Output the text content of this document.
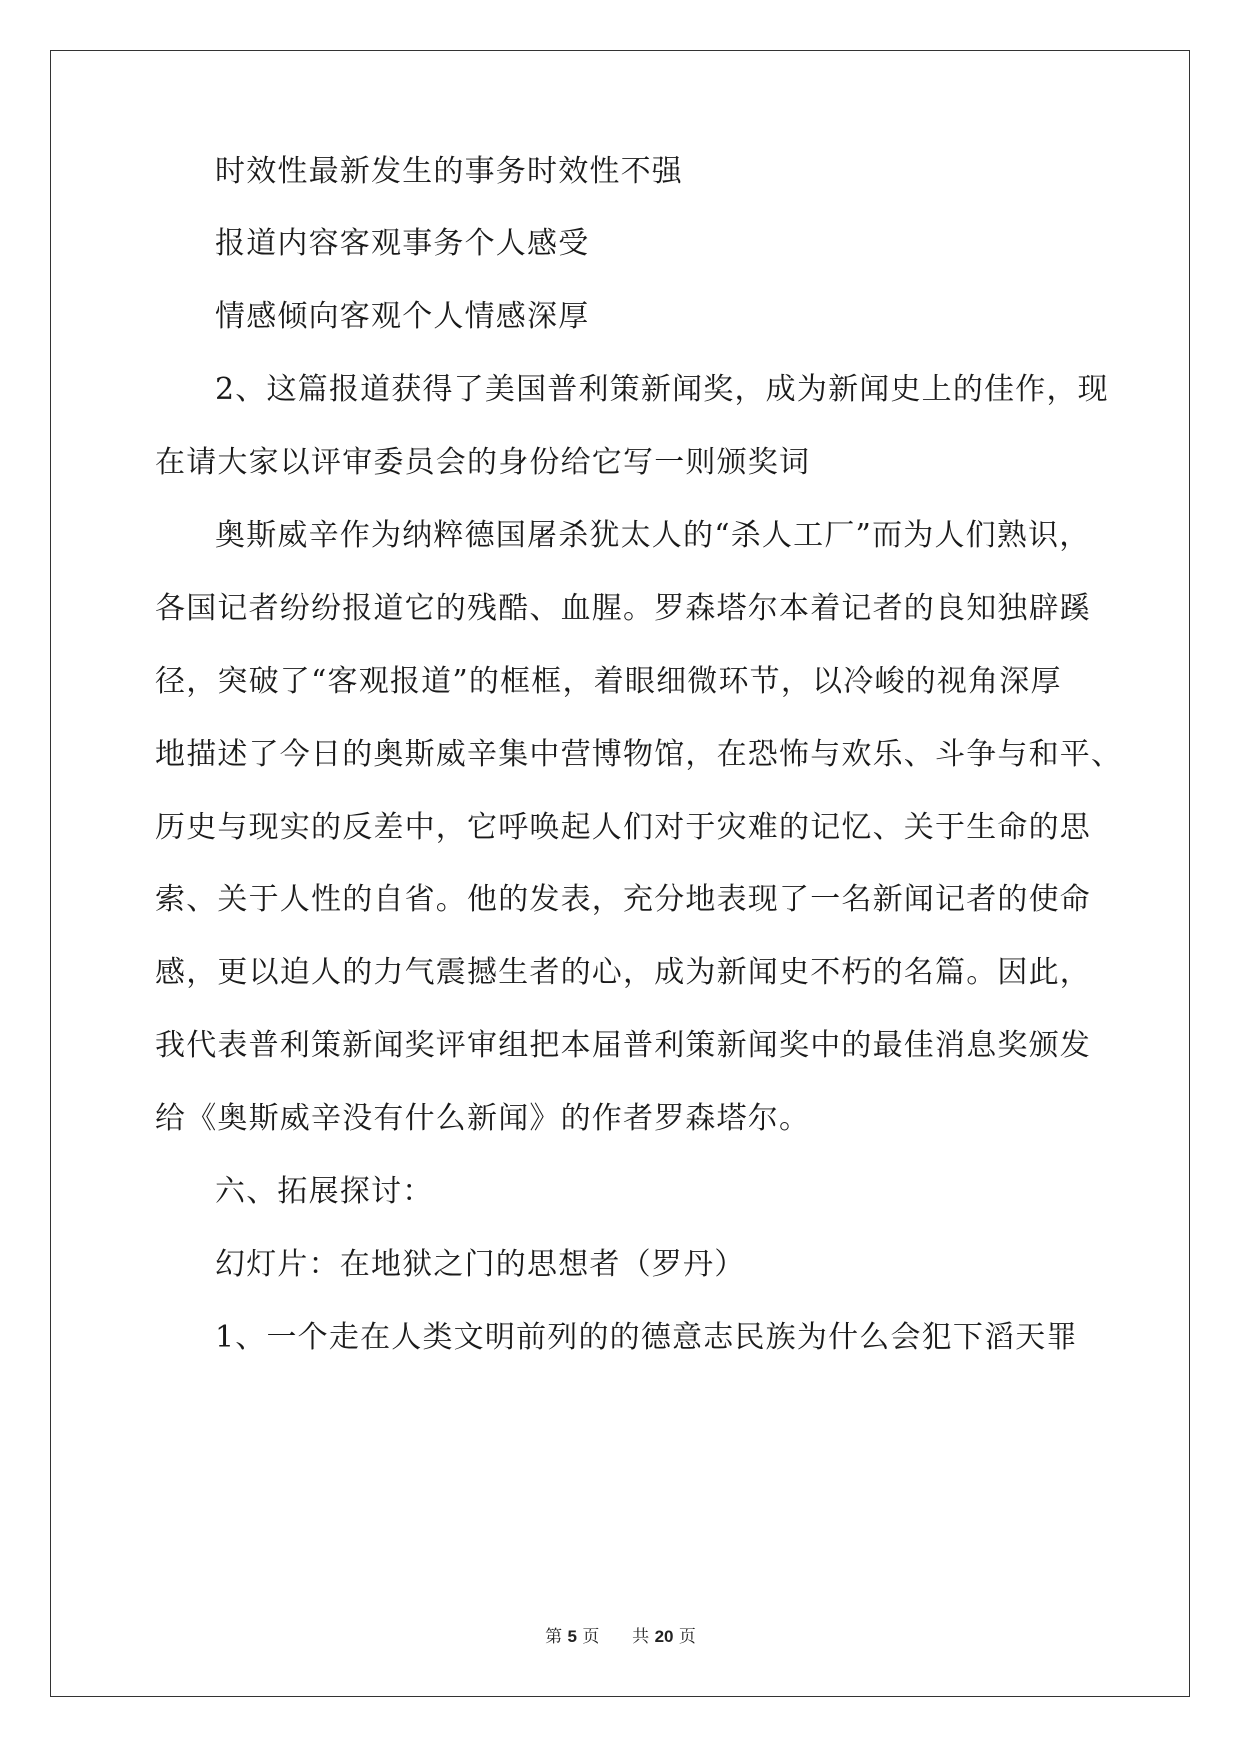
时效性最新发生的事务时效性不强
报道内容客观事务个人感受
情感倾向客观个人情感深厚
2、这篇报道获得了美国普利策新闻奖，成为新闻史上的佳作，现
在请大家以评审委员会的身份给它写一则颁奖词
奥斯威辛作为纳粹德国屠杀犹太人的“杀人工厂”而为人们熟识，
各国记者纷纷报道它的残酷、血腥。罗森塔尔本着记者的良知独辟蹊
径，突破了“客观报道”的框框，着眼细微环节，以冷峻的视角深厚
地描述了今日的奥斯威辛集中营博物馆，在恐怖与欢乐、斗争与和平、
历史与现实的反差中，它呼唤起人们对于灾难的记忆、关于生命的思
索、关于人性的自省。他的发表，充分地表现了一名新闻记者的使命
感，更以迫人的力气震撼生者的心，成为新闻史不朽的名篇。因此，
我代表普利策新闻奖评审组把本届普利策新闻奖中的最佳消息奖颁发
给《奥斯威辛没有什么新闻》的作者罗森塔尔。
六、拓展探讨：
幻灯片：在地狱之门的思想者（罗丹）
1、一个走在人类文明前列的的德意志民族为什么会犯下滔天罪
第 5 页 共 20 页
